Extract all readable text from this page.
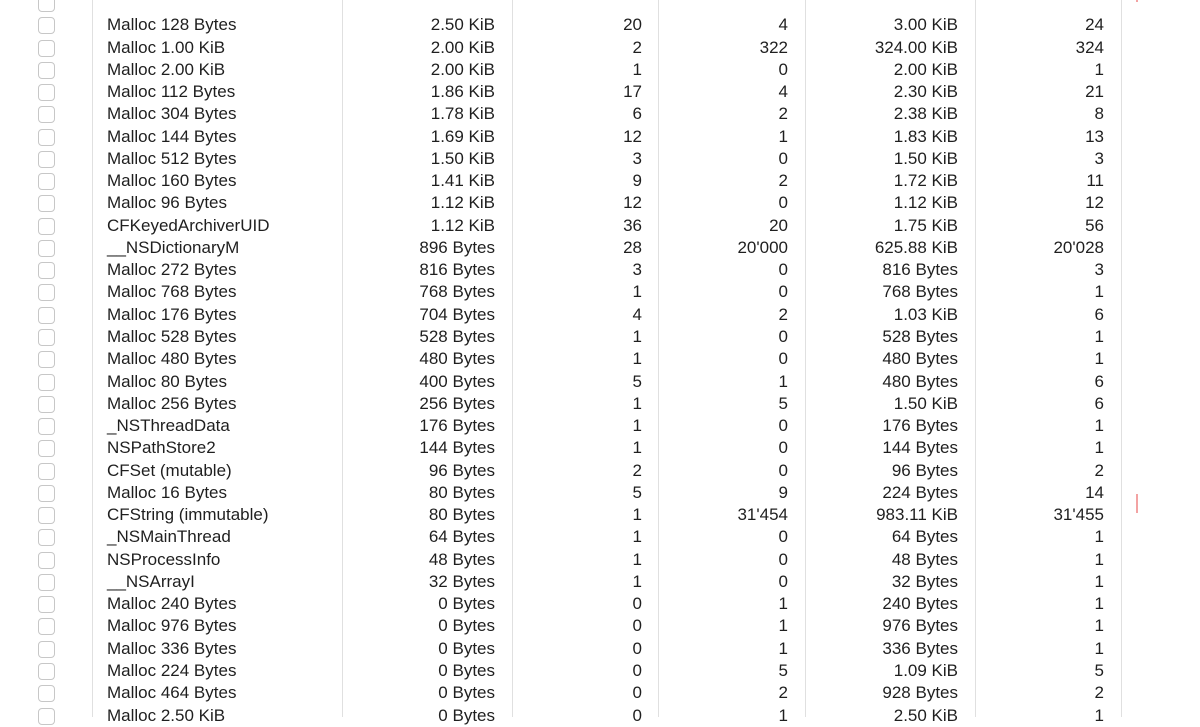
Malloc 128 Bytes	2.50 KiB	20	4	3.00 KiB	24
Malloc 1.00 KiB	2.00 KiB	2	322	324.00 KiB	324
Malloc 2.00 KiB	2.00 KiB	1	0	2.00 KiB	1
Malloc 112 Bytes	1.86 KiB	17	4	2.30 KiB	21
Malloc 304 Bytes	1.78 KiB	6	2	2.38 KiB	8
Malloc 144 Bytes	1.69 KiB	12	1	1.83 KiB	13
Malloc 512 Bytes	1.50 KiB	3	0	1.50 KiB	3
Malloc 160 Bytes	1.41 KiB	9	2	1.72 KiB	11
Malloc 96 Bytes	1.12 KiB	12	0	1.12 KiB	12
CFKeyedArchiverUID	1.12 KiB	36	20	1.75 KiB	56
__NSDictionaryM	896 Bytes	28	20'000	625.88 KiB	20'028
Malloc 272 Bytes	816 Bytes	3	0	816 Bytes	3
Malloc 768 Bytes	768 Bytes	1	0	768 Bytes	1
Malloc 176 Bytes	704 Bytes	4	2	1.03 KiB	6
Malloc 528 Bytes	528 Bytes	1	0	528 Bytes	1
Malloc 480 Bytes	480 Bytes	1	0	480 Bytes	1
Malloc 80 Bytes	400 Bytes	5	1	480 Bytes	6
Malloc 256 Bytes	256 Bytes	1	5	1.50 KiB	6
_NSThreadData	176 Bytes	1	0	176 Bytes	1
NSPathStore2	144 Bytes	1	0	144 Bytes	1
CFSet (mutable)	96 Bytes	2	0	96 Bytes	2
Malloc 16 Bytes	80 Bytes	5	9	224 Bytes	14
CFString (immutable)	80 Bytes	1	31'454	983.11 KiB	31'455
_NSMainThread	64 Bytes	1	0	64 Bytes	1
NSProcessInfo	48 Bytes	1	0	48 Bytes	1
__NSArrayI	32 Bytes	1	0	32 Bytes	1
Malloc 240 Bytes	0 Bytes	0	1	240 Bytes	1
Malloc 976 Bytes	0 Bytes	0	1	976 Bytes	1
Malloc 336 Bytes	0 Bytes	0	1	336 Bytes	1
Malloc 224 Bytes	0 Bytes	0	5	1.09 KiB	5
Malloc 464 Bytes	0 Bytes	0	2	928 Bytes	2
Malloc 2.50 KiB	0 Bytes	0	1	2.50 KiB	1
